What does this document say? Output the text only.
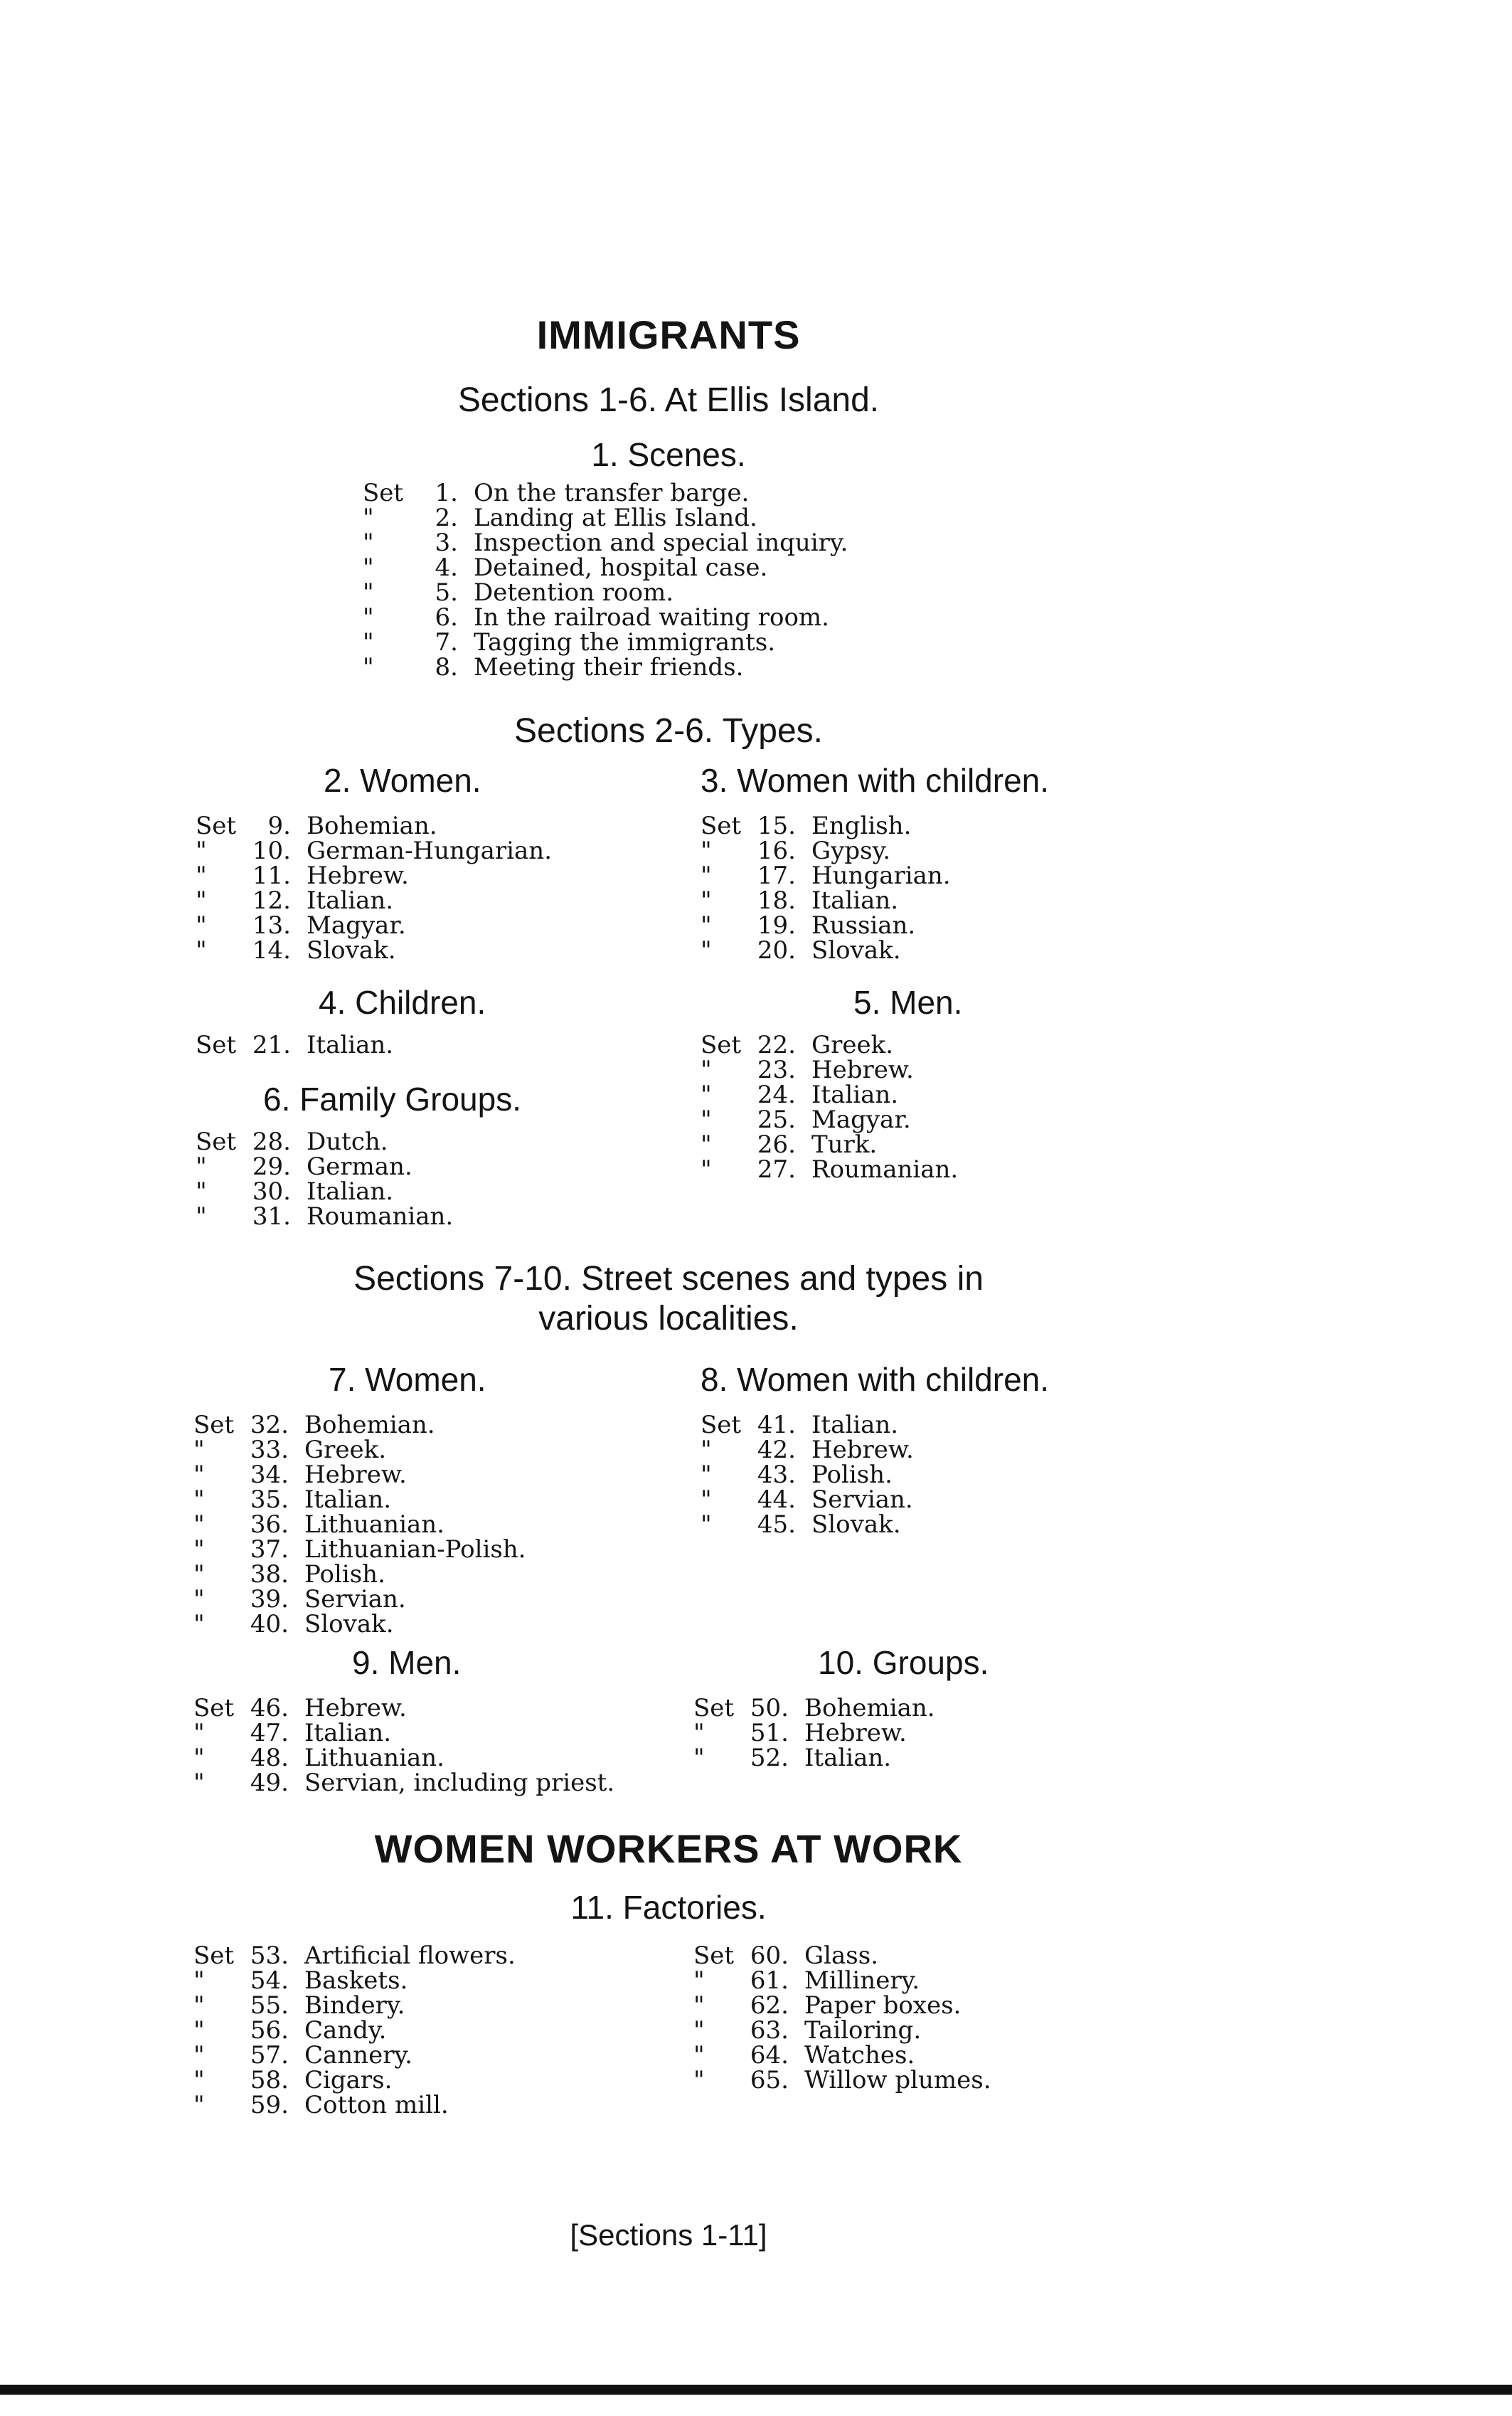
IMMIGRANTS
Sections 1-6. At Ellis Island.
1. Scenes.
Set	1. On the transfer barge.
"	2. Landing at Ellis Island.
"	3. Inspection and special inquiry.
"	4. Detained, hospital case.
"	5. Detention room.
"	6. In the railroad waiting room.
"	7. Tagging the immigrants.
"	8. Meeting their friends.
Sections 2-6. Types.
2. Women.
Set	9. Bohemian.
"	10. German-Hungarian.
"	11. Hebrew.
"	12. Italian.
"	13. Magyar.
"	14. Slovak.
3. Women with children.
Set 15. English.
"	16. Gypsy.
"	17. Hungarian.
"	18. Italian.
"	19. Russian.
"	20. Slovak.
4. Children.
Set 21. Italian.
5. Men.
Set 22. Greek.
"	23. Hebrew.
"	24. Italian.
"	25. Magyar.
"	26. Turk.
"	27. Roumanian.
6. Family Groups.
Set 28. Dutch.
"	29. German.
"	30. Italian.
"	31. Roumanian.
Sections 7-10. Street scenes and types in
various localities.
7. Women.
Set 32. Bohemian.
"	33. Greek.
"	34. Hebrew.
"	35. Italian.
"	36. Lithuanian.
"	37. Lithuanian-Polish.
"	38. Polish.
"	39. Servian.
"	40. Slovak.
8. Women with children.
Set 41. Italian.
"	42. Hebrew.
"	43. Polish.
"	44. Servian.
"	45. Slovak.
9. Men.
Set 46. Hebrew.
"	47. Italian.
"	48. Lithuanian.
"	49. Servian, including priest.
10. Groups.
Set 50. Bohemian.
"	51. Hebrew.
"	52. Italian.
WOMEN WORKERS AT WORK
11. Factories.
Set 53. Artificial flowers.
"	54. Baskets.
"	55. Bindery.
"	56. Candy.
"	57. Cannery.
"	58. Cigars.
"	59. Cotton mill.
Set 60. Glass.
"	61. Millinery.
"	62. Paper boxes.
"	63. Tailoring.
"	64. Watches.
"	65. Willow plumes.
[Sections 1-11]
